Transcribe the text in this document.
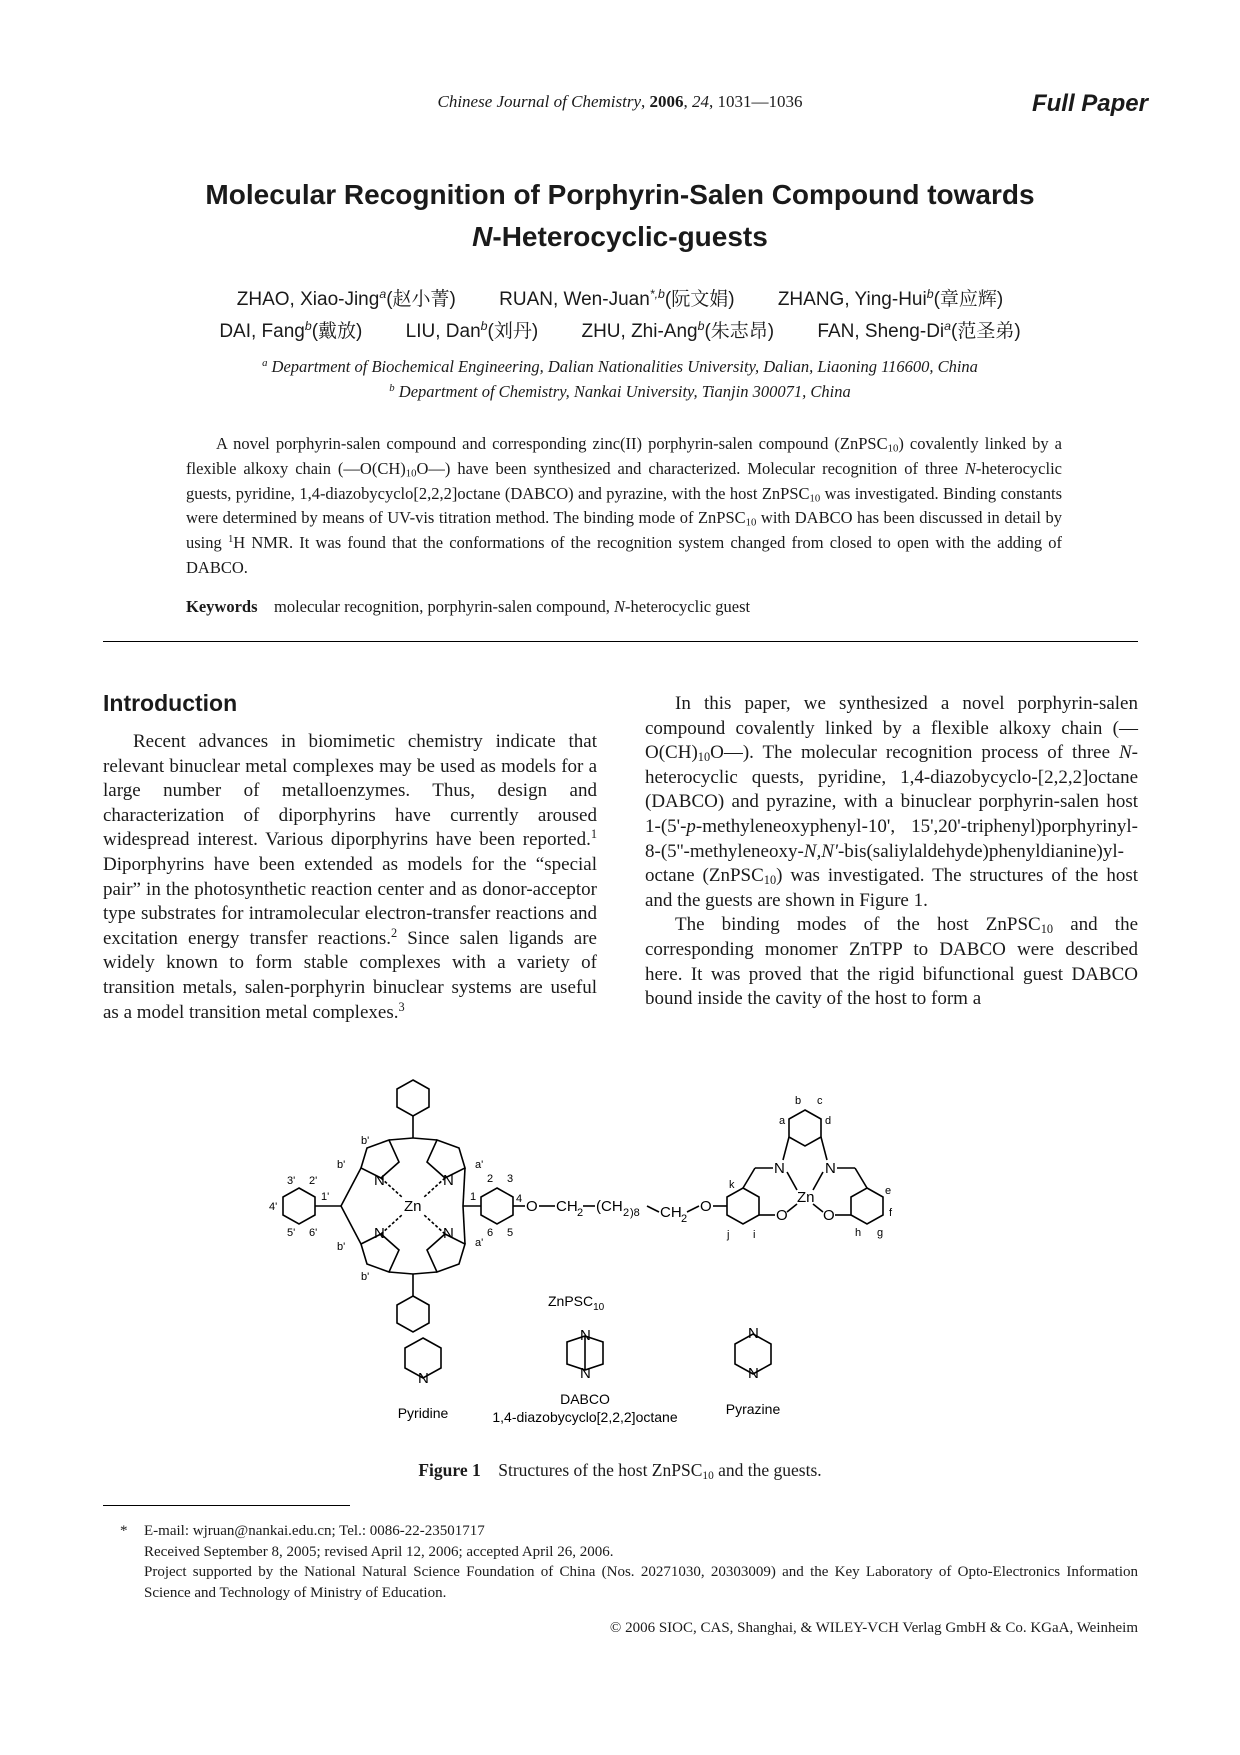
Chinese Journal of Chemistry, 2006, 24, 1031—1036	Full Paper
Molecular Recognition of Porphyrin-Salen Compound towards
N-Heterocyclic-guests
ZHAO, Xiao-Jing$^a$(赵小菁) RUAN, Wen-Juan$^{*,b}$(阮文娟) ZHANG, Ying-Hui$^b$(章应辉)
DAI, Fang$^b$(戴放) LIU, Dan$^b$(刘丹) ZHU, Zhi-Ang$^b$(朱志昂) FAN, Sheng-Di$^a$(范圣弟)
$^a$ Department of Biochemical Engineering, Dalian Nationalities University, Dalian, Liaoning 116600, China
$^b$ Department of Chemistry, Nankai University, Tianjin 300071, China
A novel porphyrin-salen compound and corresponding zinc(II) porphyrin-salen compound (ZnPSC$_{10}$) covalently linked by a flexible alkoxy chain $(—O(CH)_{10}O—)$ have been synthesized and characterized. Molecular recognition of three N-heterocyclic guests, pyridine, 1,4-diazobycyclo[2,2,2]octane (DABCO) and pyrazine, with the host ZnPSC$_{10}$ was investigated. Binding constants were determined by means of UV-vis titration method. The binding mode of ZnPSC$_{10}$ with DABCO has been discussed in detail by using $^1$H NMR. It was found that the conformations of the recognition system changed from closed to open with the adding of DABCO.
Keywords molecular recognition, porphyrin-salen compound, N-heterocyclic guest
Introduction

Recent advances in biomimetic chemistry indicate that relevant binuclear metal complexes may be used as models for a large number of metalloenzymes. Thus, design and characterization of diporphyrins have currently aroused widespread interest. Various diporphyrins have been reported.$^1$ Diporphyrins have been extended as models for the “special pair” in the photosynthetic reaction center and as donor-acceptor type substrates for intramolecular electron-transfer reactions and excitation energy transfer reactions.$^2$ Since salen ligands are widely known to form stable complexes with a variety of transition metals, salen-porphyrin binuclear systems are useful as a model transition metal complexes.$^3$

In this paper, we synthesized a novel porphyrin-salen compound covalently linked by a flexible alkoxy chain $(—O(CH)_{10}O—)$. The molecular recognition process of three N-heterocyclic quests, pyridine, 1,4-diazobycyclo-[2,2,2]octane (DABCO) and pyrazine, with a binuclear porphyrin-salen host 1-(5'-p-methyleneoxyphenyl-10', 15',20'-triphenyl)porphyrinyl-8-(5''-methyleneoxy-N,N'-bis(saliylaldehyde)phenyldianine)yl-octane (ZnPSC$_{10}$) was investigated. The structures of the host and the guests are shown in Figure 1.

The binding modes of the host ZnPSC$_{10}$ and the corresponding monomer ZnTPP to DABCO were described here. It was proved that the rigid bifunctional guest DABCO bound inside the cavity of the host to form a

Zn
N	N
N	N
O CH 2 (CH 2 )8 CH 2
O
N	N
Zn
O O
N
N
N
N
N
b'
b'	a'
b'
b'
a'
3' 2'
4'
1'
5' 6'
1
2 3
4
5
6
a
b c
d
e
f
g
h
i
j
k
ZnPSC$_{10}$
Pyridine
DABCO
1,4-diazobycyclo[2,2,2]octane	Pyrazine
Figure 1 Structures of the host ZnPSC$_{10}$ and the guests.
*	E-mail: wjruan@nankai.edu.cn; Tel.: 0086-22-23501717
Received September 8, 2005; revised April 12, 2006; accepted April 26, 2006.
Project supported by the National Natural Science Foundation of China (Nos. 20271030, 20303009) and the Key Laboratory of Opto-Electronics Information Science and Technology of Ministry of Education.
© 2006 SIOC, CAS, Shanghai, & WILEY-VCH Verlag GmbH & Co. KGaA, Weinheim
